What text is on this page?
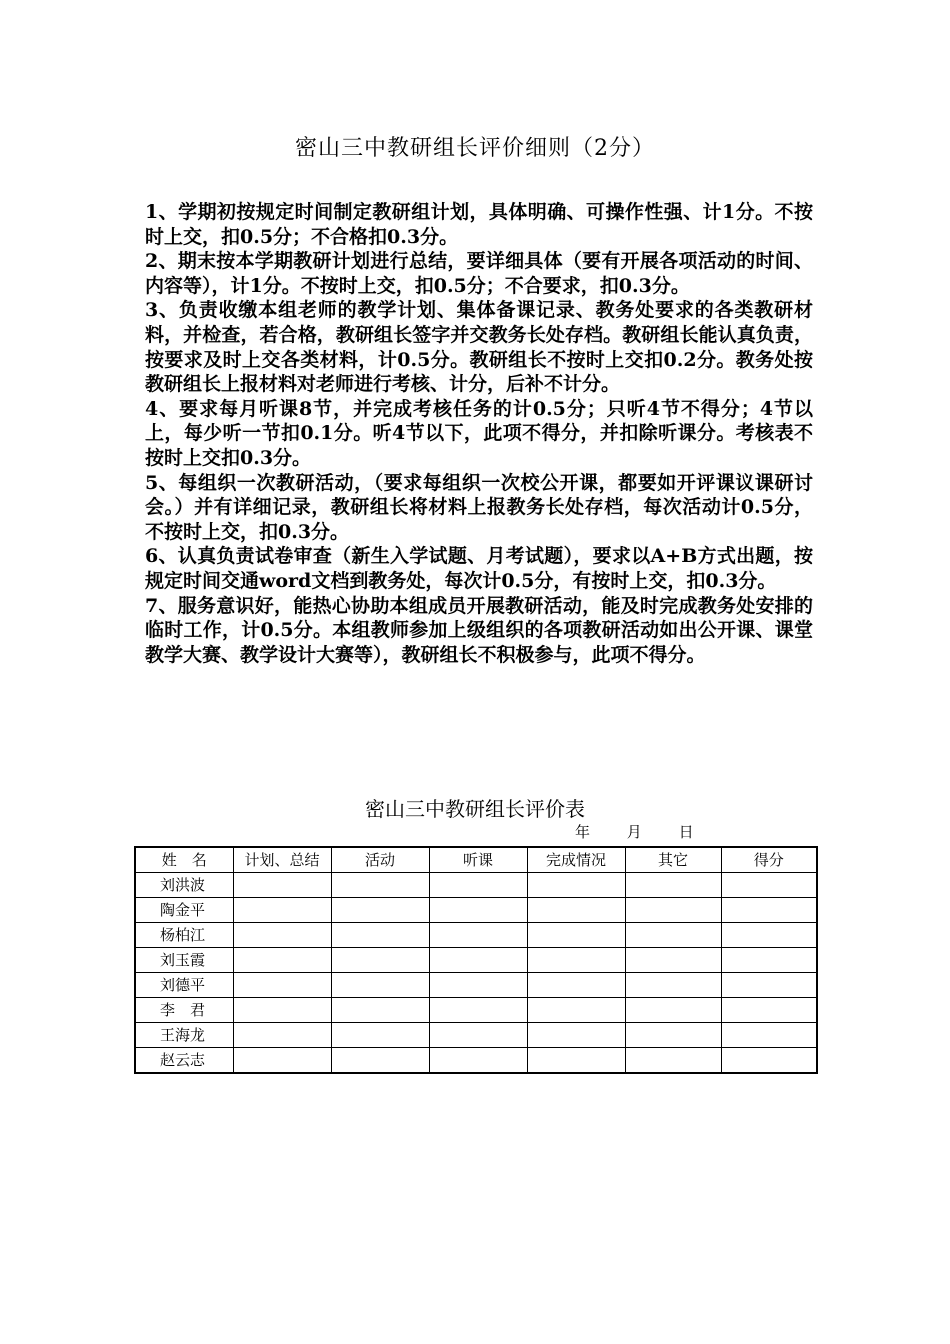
密山三中教研组长评价细则（2分）

1、学期初按规定时间制定教研组计划，具体明确、可操作性强、计1分。不按时上交，扣0.5分；不合格扣0.3分。

2、期末按本学期教研计划进行总结，要详细具体（要有开展各项活动的时间、内容等），计1分。不按时上交，扣0.5分；不合要求，扣0.3分。

3、负责收缴本组老师的教学计划、集体备课记录、教务处要求的各类教研材料，并检查，若合格，教研组长签字并交教务长处存档。教研组长能认真负责，按要求及时上交各类材料，计0.5分。教研组长不按时上交扣0.2分。教务处按教研组长上报材料对老师进行考核、计分，后补不计分。

4、要求每月听课8节，并完成考核任务的计0.5分；只听4节不得分；4节以上，每少听一节扣0.1分。听4节以下，此项不得分，并扣除听课分。考核表不按时上交扣0.3分。

5、每组织一次教研活动，（要求每组织一次校公开课，都要如开评课议课研讨会。）并有详细记录，教研组长将材料上报教务长处存档，每次活动计0.5分，不按时上交，扣0.3分。

6、认真负责试卷审查（新生入学试题、月考试题），要求以A+B方式出题，按规定时间交通word文档到教务处，每次计0.5分，有按时上交，扣0.3分。

7、服务意识好，能热心协助本组成员开展教研活动，能及时完成教务处安排的临时工作，计0.5分。本组教师参加上级组织的各项教研活动如出公开课、课堂教学大赛、教学设计大赛等），教研组长不积极参与，此项不得分。

密山三中教研组长评价表
年 月 日
姓　名	计划、总结	活动	听课	完成情况	其它	得分
刘洪波						
陶金平						
杨柏江						
刘玉霞						
刘德平						
李　君						
王海龙						
赵云志						
